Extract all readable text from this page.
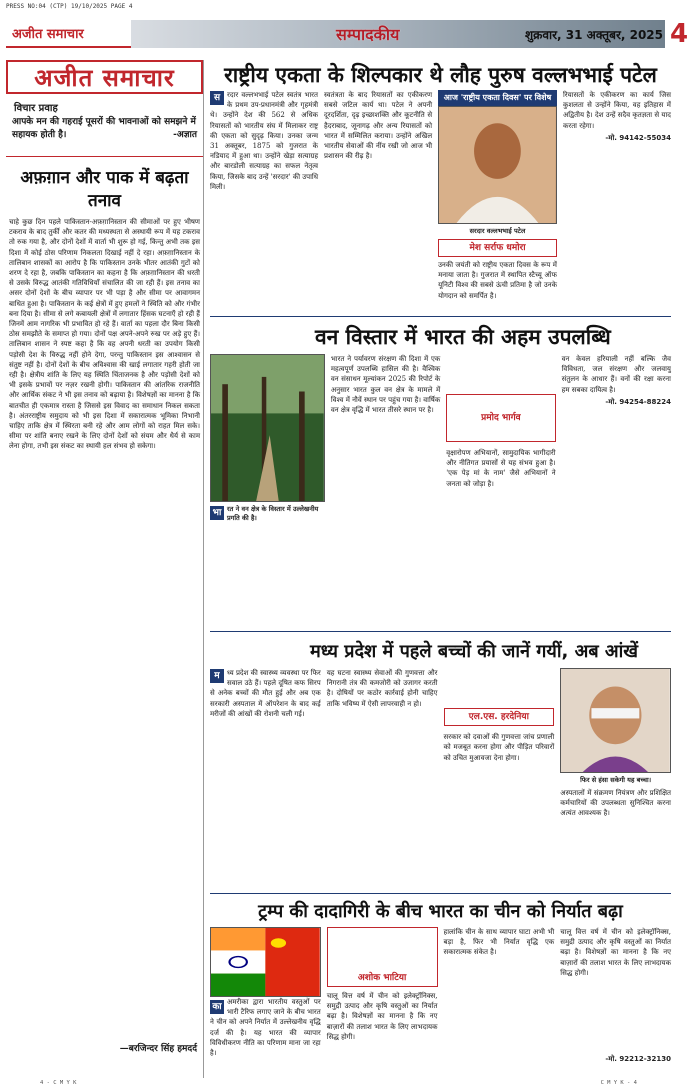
PRESS NO:04 (CTP) 19/10/2025 PAGE 4
अजीत समाचार	सम्पादकीय	शुक्रवार, 31 अक्तूबर, 2025 4
अजीत समाचार
विचार प्रवाह
आपके मन की गहराई पूसरों की भावनाओं को समझने में सहायक होती है।	-अज्ञात
अफ़ग़ान और पाक में बढ़ता तनाव
चाहे कुछ दिन पहले पाकिस्तान-अफ़ग़ानिस्तान की सीमाओं पर हुए भीषण टकराव के बाद तुर्की और कतर की मध्यस्थता से अस्थायी रूप में यह टकराव तो रुक गया है, और दोनों देशों में वार्ता भी शुरू हो गई, किन्तु अभी तक इस दिशा में कोई ठोस परिणाम निकलता दिखाई नहीं दे रहा। अफ़ग़ानिस्तान के तालिबान शासकों का आरोप है कि पाकिस्तान उनके भीतर आतंकी गुटों को शरण दे रहा है, जबकि पाकिस्तान का कहना है कि अफ़ग़ानिस्तान की धरती से उसके विरुद्ध आतंकी गतिविधियाँ संचालित की जा रही हैं। इस तनाव का असर दोनों देशों के बीच व्यापार पर भी पड़ा है और सीमा पर आवागमन बाधित हुआ है। पाकिस्तान के कई क्षेत्रों में हुए हमलों ने स्थिति को और गंभीर बना दिया है। सीमा से लगे कबायली क्षेत्रों में लगातार हिंसक घटनाएँ हो रही हैं जिनमें आम नागरिक भी प्रभावित हो रहे हैं। वार्ता का पहला दौर बिना किसी ठोस समझौते के समाप्त हो गया। दोनों पक्ष अपने-अपने रुख पर अड़े हुए हैं। तालिबान शासन ने स्पष्ट कहा है कि वह अपनी धरती का उपयोग किसी पड़ोसी देश के विरुद्ध नहीं होने देगा, परन्तु पाकिस्तान इस आश्वासन से संतुष्ट नहीं है। दोनों देशों के बीच अविश्वास की खाई लगातार गहरी होती जा रही है। क्षेत्रीय शांति के लिए यह स्थिति चिंताजनक है और पड़ोसी देशों को भी इसके प्रभावों पर नज़र रखनी होगी। पाकिस्तान की आंतरिक राजनीति और आर्थिक संकट ने भी इस तनाव को बढ़ाया है। विशेषज्ञों का मानना है कि बातचीत ही एकमात्र रास्ता है जिससे इस विवाद का समाधान निकल सकता है। अंतरराष्ट्रीय समुदाय को भी इस दिशा में सकारात्मक भूमिका निभानी चाहिए ताकि क्षेत्र में स्थिरता बनी रहे और आम लोगों को राहत मिल सके। सीमा पर शांति बनाए रखने के लिए दोनों देशों को संयम और धैर्य से काम लेना होगा, तभी इस संकट का स्थायी हल संभव हो सकेगा।
—बरजिन्दर सिंह हमदर्द
राष्ट्रीय एकता के शिल्पकार थे लौह पुरुष वल्लभभाई पटेल
स रदार वल्लभभाई पटेल स्वतंत्र भारत के प्रथम उप-प्रधानमंत्री और गृहमंत्री थे। उन्होंने देश की 562 से अधिक रियासतों को भारतीय संघ में मिलाकर राष्ट्र की एकता को सुदृढ़ किया। उनका जन्म 31 अक्तूबर, 1875 को गुजरात के नडियाद में हुआ था। उन्होंने खेड़ा सत्याग्रह और बारडोली सत्याग्रह का सफल नेतृत्व किया, जिसके बाद उन्हें 'सरदार' की उपाधि मिली।
स्वतंत्रता के बाद रियासतों का एकीकरण सबसे जटिल कार्य था। पटेल ने अपनी दूरदर्शिता, दृढ़ इच्छाशक्ति और कूटनीति से हैदराबाद, जूनागढ़ और अन्य रियासतों को भारत में सम्मिलित कराया। उन्होंने अखिल भारतीय सेवाओं की नींव रखी जो आज भी प्रशासन की रीढ़ है।
आज 'राष्ट्रीय एकता दिवस' पर विशेष
सरदार वल्लभभाई पटेल
मेश सर्राफ धमोरा
उनकी जयंती को राष्ट्रीय एकता दिवस के रूप में मनाया जाता है। गुजरात में स्थापित स्टैच्यू ऑफ यूनिटी विश्व की सबसे ऊंची प्रतिमा है जो उनके योगदान को समर्पित है।
रियासतों के एकीकरण का कार्य जिस कुशलता से उन्होंने किया, वह इतिहास में अद्वितीय है। देश उन्हें सदैव कृतज्ञता से याद करता रहेगा।
-मो. 94142-55034
वन विस्तार में भारत की अहम उपलब्धि
भा रत ने वन क्षेत्र के विस्तार में उल्लेखनीय प्रगति की है।
भारत ने पर्यावरण संरक्षण की दिशा में एक महत्वपूर्ण उपलब्धि हासिल की है। वैश्विक वन संसाधन मूल्यांकन 2025 की रिपोर्ट के अनुसार भारत कुल वन क्षेत्र के मामले में विश्व में नौवें स्थान पर पहुंच गया है। वार्षिक वन क्षेत्र वृद्धि में भारत तीसरे स्थान पर है।
प्रमोद भार्गव
वृक्षारोपण अभियानों, सामुदायिक भागीदारी और नीतिगत प्रयासों से यह संभव हुआ है। 'एक पेड़ मां के नाम' जैसे अभियानों ने जनता को जोड़ा है।
वन केवल हरियाली नहीं बल्कि जैव विविधता, जल संरक्षण और जलवायु संतुलन के आधार हैं। वनों की रक्षा करना हम सबका दायित्व है।
-मो. 94254-88224
मध्य प्रदेश में पहले बच्चों की जानें गयीं, अब आंखें
म	ध्य प्रदेश की स्वास्थ्य व्यवस्था पर फिर सवाल उठे हैं। पहले दूषित कफ सिरप से अनेक बच्चों की मौत हुई और अब एक सरकारी अस्पताल में ऑपरेशन के बाद कई मरीजों की आंखों की रोशनी चली गई।
यह घटना स्वास्थ्य सेवाओं की गुणवत्ता और निगरानी तंत्र की कमजोरी को उजागर करती है। दोषियों पर कठोर कार्रवाई होनी चाहिए ताकि भविष्य में ऐसी लापरवाही न हो।
एल.एस. हरदेनिया
सरकार को दवाओं की गुणवत्ता जांच प्रणाली को मजबूत करना होगा और पीड़ित परिवारों को उचित मुआवजा देना होगा।
फिर से हंसा सकेगी यह बच्चा।
अस्पतालों में संक्रमण नियंत्रण और प्रशिक्षित कर्मचारियों की उपलब्धता सुनिश्चित करना अत्यंत आवश्यक है।
ट्रम्प की दादागिरी के बीच भारत का चीन को निर्यात बढ़ा
का अमरीका द्वारा भारतीय वस्तुओं पर भारी टैरिफ लगाए जाने के बीच भारत ने चीन को अपने निर्यात में उल्लेखनीय वृद्धि दर्ज की है। यह भारत की व्यापार विविधीकरण नीति का परिणाम माना जा रहा है।
अशोक भाटिया
चालू वित्त वर्ष में चीन को इलेक्ट्रॉनिक्स, समुद्री उत्पाद और कृषि वस्तुओं का निर्यात बढ़ा है। विशेषज्ञों का मानना है कि नए बाज़ारों की तलाश भारत के लिए लाभदायक सिद्ध होगी।
हालांकि चीन के साथ व्यापार घाटा अभी भी बड़ा है, फिर भी निर्यात वृद्धि एक सकारात्मक संकेत है।
चालू वित्त वर्ष में चीन को इलेक्ट्रॉनिक्स, समुद्री उत्पाद और कृषि वस्तुओं का निर्यात बढ़ा है। विशेषज्ञों का मानना है कि नए बाज़ारों की तलाश भारत के लिए लाभदायक सिद्ध होगी।
-मो. 92212-32130
4 - C M Y K	C M Y K - 4
